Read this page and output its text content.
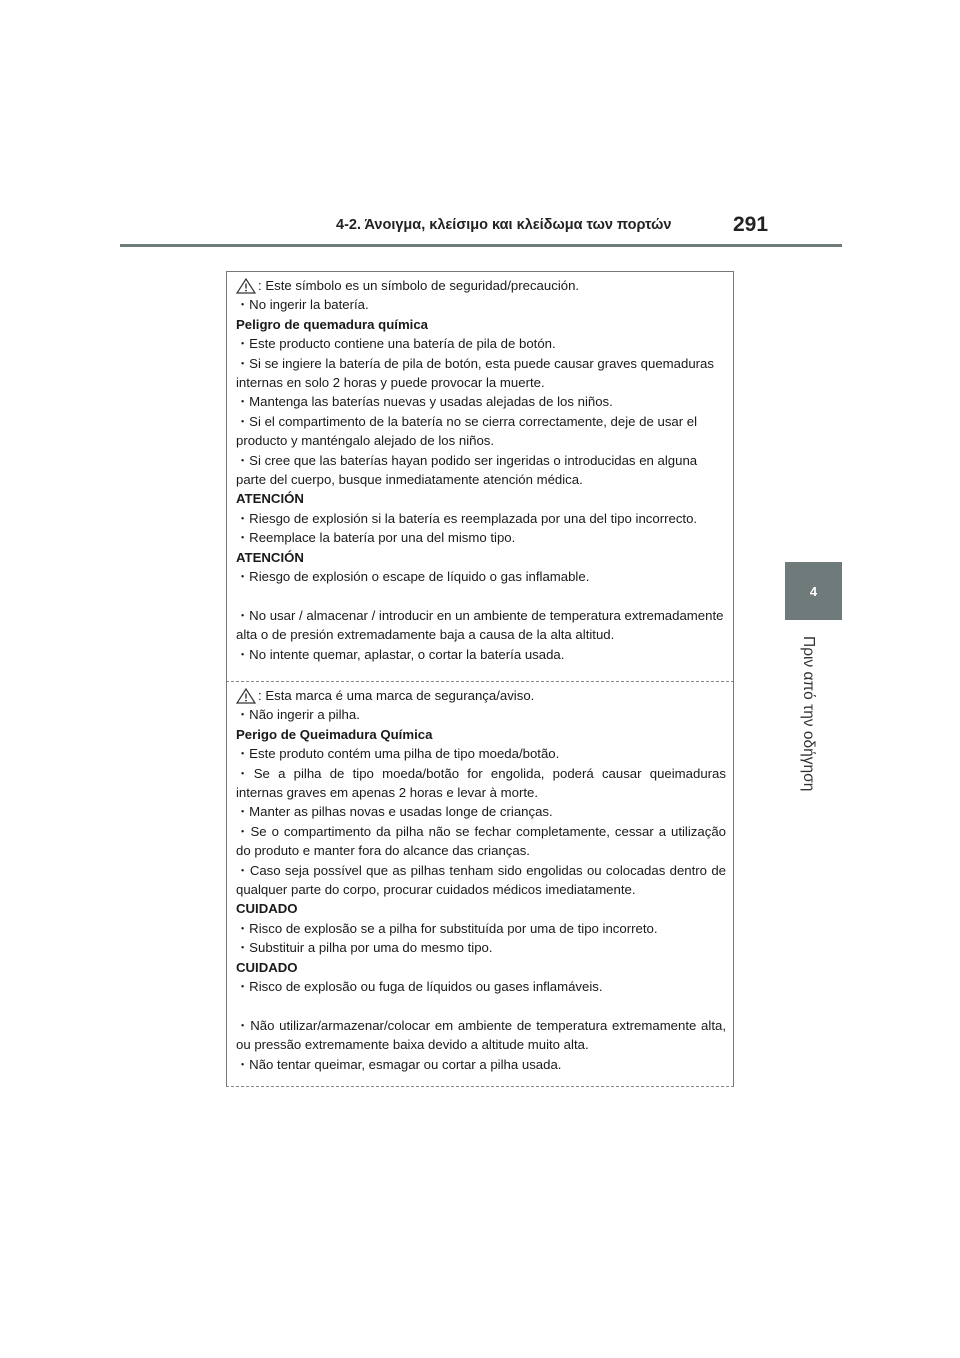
4-2. Άνοιγμα, κλείσιμο και κλείδωμα των πορτών	291
4
Πριν από την οδήγηση

: Este símbolo es un símbolo de seguridad/precaución.

・No ingerir la batería.

Peligro de quemadura química

・Este producto contiene una batería de pila de botón.

・Si se ingiere la batería de pila de botón, esta puede causar graves quemaduras internas en solo 2 horas y puede provocar la muerte.

・Mantenga las baterías nuevas y usadas alejadas de los niños.

・Si el compartimento de la batería no se cierra correctamente, deje de usar el producto y manténgalo alejado de los niños.

・Si cree que las baterías hayan podido ser ingeridas o introducidas en alguna parte del cuerpo, busque inmediatamente atención médica.

ATENCIÓN

・Riesgo de explosión si la batería es reemplazada por una del tipo incorrecto.

・Reemplace la batería por una del mismo tipo.

ATENCIÓN

・Riesgo de explosión o escape de líquido o gas inflamable.

・No usar / almacenar / introducir en un ambiente de temperatura extremadamente alta o de presión extremadamente baja a causa de la alta altitud.

・No intente quemar, aplastar, o cortar la batería usada.

: Esta marca é uma marca de segurança/aviso.

・Não ingerir a pilha.

Perigo de Queimadura Química

・Este produto contém uma pilha de tipo moeda/botão.

・Se a pilha de tipo moeda/botão for engolida, poderá causar queimaduras internas graves em apenas 2 horas e levar à morte.

・Manter as pilhas novas e usadas longe de crianças.

・Se o compartimento da pilha não se fechar completamente, cessar a utilização do produto e manter fora do alcance das crianças.

・Caso seja possível que as pilhas tenham sido engolidas ou colocadas dentro de qualquer parte do corpo, procurar cuidados médicos imediatamente.

CUIDADO

・Risco de explosão se a pilha for substituída por uma de tipo incorreto.

・Substituir a pilha por uma do mesmo tipo.

CUIDADO

・Risco de explosão ou fuga de líquidos ou gases inflamáveis.

・Não utilizar/armazenar/colocar em ambiente de temperatura extremamente alta, ou pressão extremamente baixa devido a altitude muito alta.

・Não tentar queimar, esmagar ou cortar a pilha usada.
